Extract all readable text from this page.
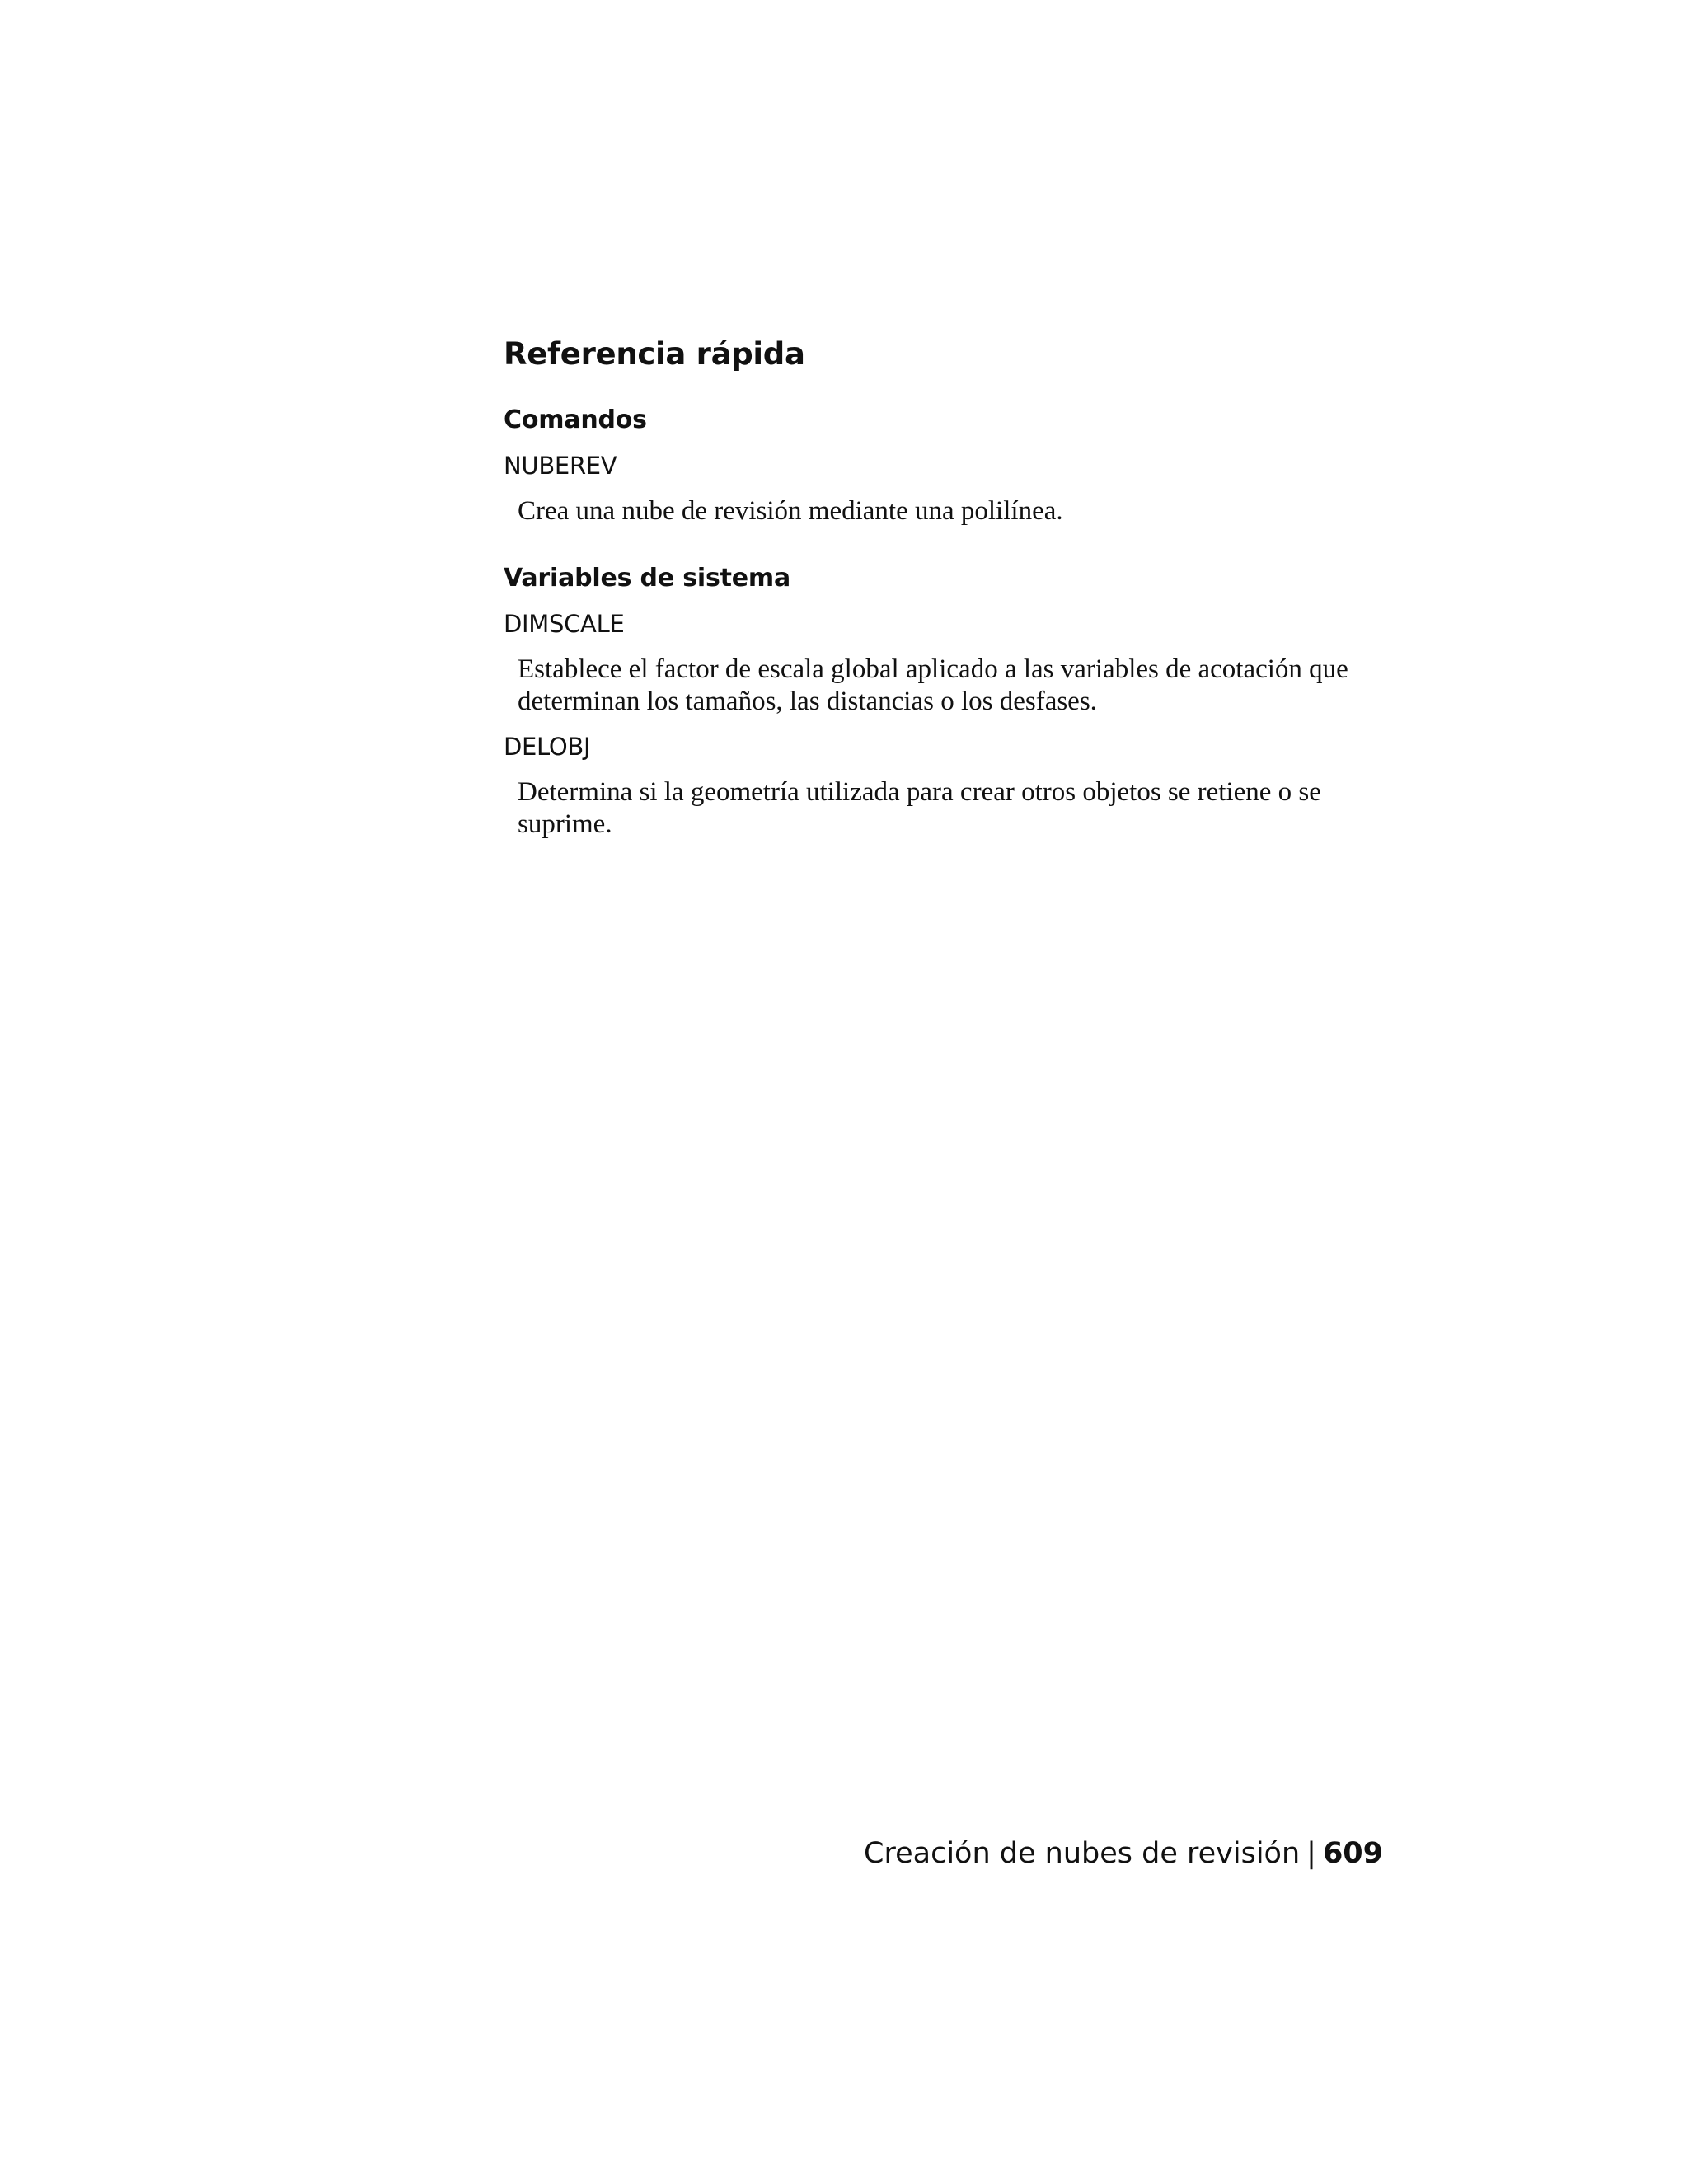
Referencia rápida
Comandos
NUBEREV

Crea una nube de revisión mediante una polilínea.

Variables de sistema
DIMSCALE

Establece el factor de escala global aplicado a las variables de acotación que determinan los tamaños, las distancias o los desfases.

DELOBJ

Determina si la geometría utilizada para crear otros objetos se retiene o se suprime.

Creación de nubes de revisión | 609
